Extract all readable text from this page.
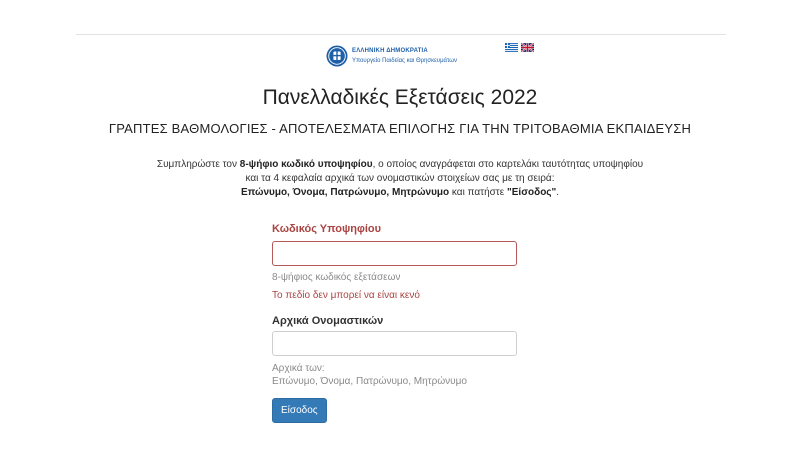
ΕΛΛΗΝΙΚΗ ΔΗΜΟΚΡΑΤΙΑ
Υπουργείο Παιδείας και Θρησκευμάτων
Πανελλαδικές Εξετάσεις 2022
ΓΡΑΠΤΕΣ ΒΑΘΜΟΛΟΓΙΕΣ - ΑΠΟΤΕΛΕΣΜΑΤΑ ΕΠΙΛΟΓΗΣ ΓΙΑ ΤΗΝ ΤΡΙΤΟΒΑΘΜΙΑ ΕΚΠΑΙΔΕΥΣΗ
Συμπληρώστε τον 8-ψήφιο κωδικό υποψηφίου, ο οποίος αναγράφεται στο καρτελάκι ταυτότητας υποψηφίου και τα 4 κεφαλαία αρχικά των ονομαστικών στοιχείων σας με τη σειρά:
Επώνυμο, Όνομα, Πατρώνυμο, Μητρώνυμο και πατήστε "Είσοδος".
Κωδικός Υποψηφίου
8-ψήφιος κωδικός εξετάσεων
Το πεδίο δεν μπορεί να είναι κενό
Αρχικά Ονομαστικών
Αρχικά των:
Επώνυμο, Όνομα, Πατρώνυμο, Μητρώνυμο
Είσοδος
